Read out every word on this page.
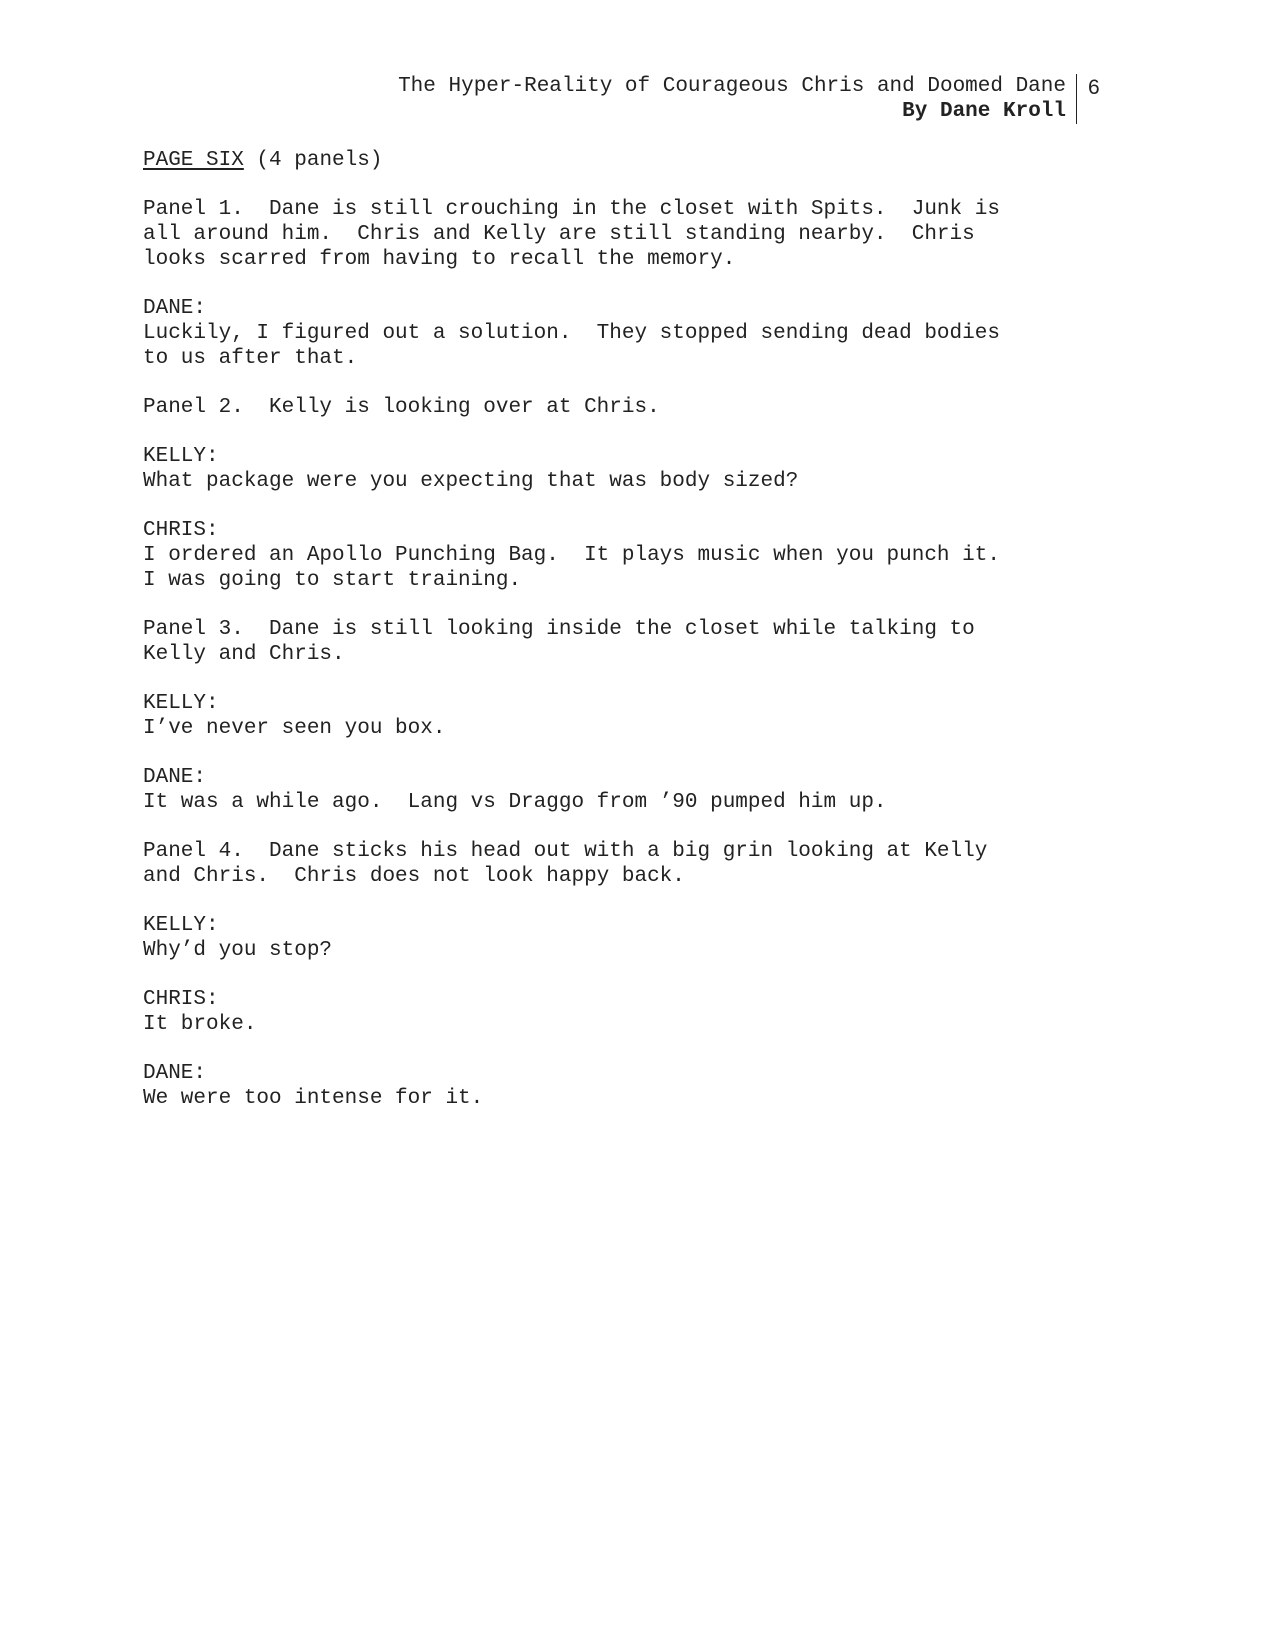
The Hyper-Reality of Courageous Chris and Doomed Dane
By Dane Kroll
6
PAGE SIX (4 panels)
Panel 1.  Dane is still crouching in the closet with Spits.  Junk is
all around him.  Chris and Kelly are still standing nearby.  Chris
looks scarred from having to recall the memory.
DANE:
Luckily, I figured out a solution.  They stopped sending dead bodies
to us after that.
Panel 2.  Kelly is looking over at Chris.
KELLY:
What package were you expecting that was body sized?
CHRIS:
I ordered an Apollo Punching Bag.  It plays music when you punch it.
I was going to start training.
Panel 3.  Dane is still looking inside the closet while talking to
Kelly and Chris.
KELLY:
I’ve never seen you box.
DANE:
It was a while ago.  Lang vs Draggo from ’90 pumped him up.
Panel 4.  Dane sticks his head out with a big grin looking at Kelly
and Chris.  Chris does not look happy back.
KELLY:
Why’d you stop?
CHRIS:
It broke.
DANE:
We were too intense for it.
